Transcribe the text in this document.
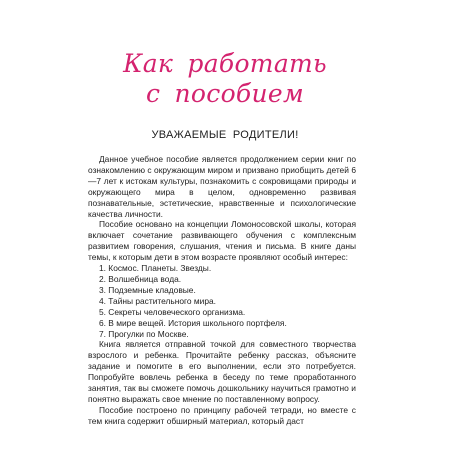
Как работать
с пособием
УВАЖАЕМЫЕ РОДИТЕЛИ!

Данное учебное пособие является продолжением серии книг по ознакомлению с окружающим миром и призвано приобщить детей 6—7 лет к истокам культуры, познакомить с сокровищами природы и окружающего мира в целом, одновременно развивая познавательные, эстетические, нравственные и психологические качества личности.

Пособие основано на концепции Ломоносовской школы, которая включает сочетание развивающего обучения с комплексным развитием говорения, слушания, чтения и письма. В книге даны темы, к которым дети в этом возрасте проявляют особый интерес:

1. Космос. Планеты. Звезды.
2. Волшебница вода.
3. Подземные кладовые.
4. Тайны растительного мира.
5. Секреты человеческого организма.
6. В мире вещей. История школьного портфеля.
7. Прогулки по Москве.

Книга является отправной точкой для совместного творчества взрослого и ребенка. Прочитайте ребенку рассказ, объясните задание и помогите в его выполнении, если это потребуется. Попробуйте вовлечь ребенка в беседу по теме проработанного занятия, так вы сможете помочь дошкольнику научиться грамотно и понятно выражать свое мнение по поставленному вопросу.

Пособие построено по принципу рабочей тетради, но вместе с тем книга содержит обширный материал, который даст
